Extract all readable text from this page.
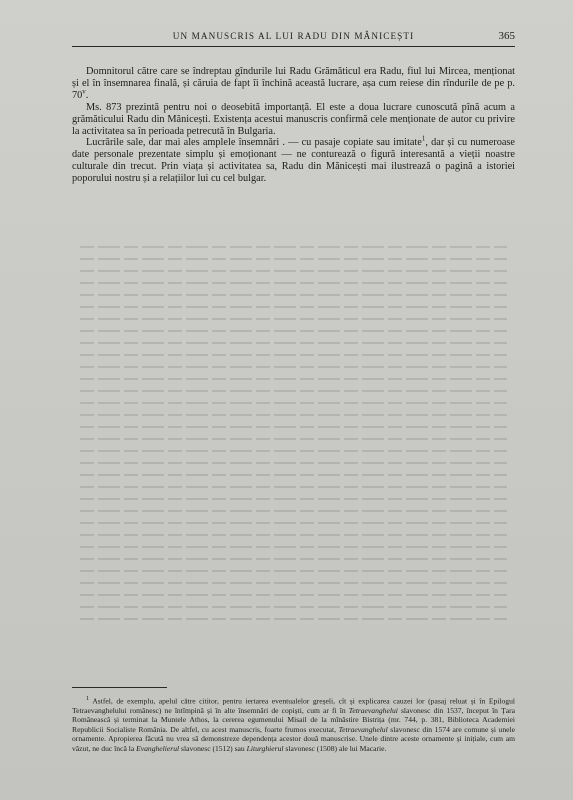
UN MANUSCRIS AL LUI RADU DIN MÂNICEȘTI	365

Domnitorul către care se îndreptau gîndurile lui Radu Grămăticul era Radu, fiul lui Mircea, menționat și el în însemnarea finală, și căruia de fapt îi închină această lucrare, așa cum reiese din rîndurile de pe p. 70$^v$.

Ms. 873 prezintă pentru noi o deosebită importanță. El este a doua lucrare cunoscută pînă acum a grămăticului Radu din Mănicești. Existența acestui manuscris confirmă cele menționate de autor cu privire la activitatea sa în perioada petrecută în Bulgaria.

Lucrările sale, dar mai ales amplele însemnări . — cu pasaje copiate sau imitate$^1$, dar și cu numeroase date personale prezentate simplu și emoționant — ne conturează o figură interesantă a vieții noastre culturale din trecut. Prin viața și activitatea sa, Radu din Mănicești mai ilustrează o pagină a istoriei poporului nostru și a relațiilor lui cu cel bulgar.

$^1$ Astfel, de exemplu, apelul către cititor, pentru iertarea eventualelor greșeli, cît și explicarea cauzei lor (pasaj reluat și în Epilogul Tetraevanghelului românesc) ne întîmpină și în alte însemnări de copiști, cum ar fi în Tetraevanghelui slavonesc din 1537, început în Țara Românească și terminat la Muntele Athos, la cererea egumenului Misail de la mînăstire Bistrița (mr. 744, p. 381, Biblioteca Academiei Republicii Socialiste România. De altfel, cu acest manuscris, foarte frumos executat, Tetraevanghelul slavonesc din 1574 are comune și unele ornamente. Apropierea făcută nu vrea să demonstreze dependența acestor două manuscrise. Unele dintre aceste ornamente și inițiale, cum am văzut, ne duc încă la Evanghelierul slavonesc (1512) sau Liturghierul slavonesc (1508) ale lui Macarie.
